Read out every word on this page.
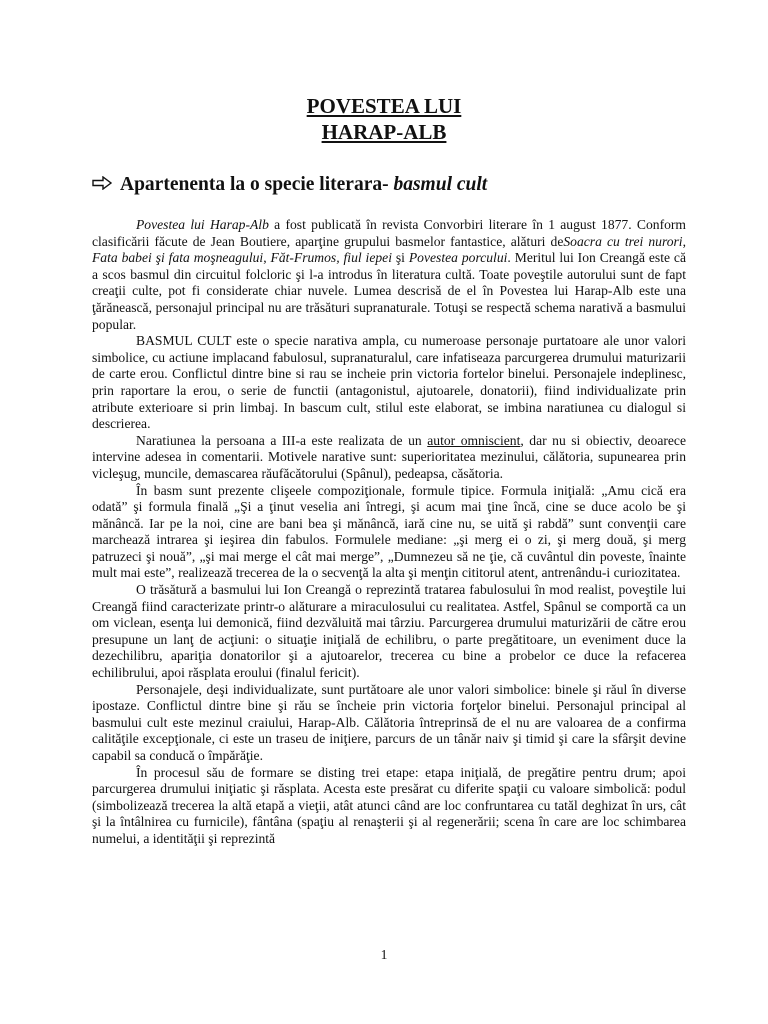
POVESTEA LUI
HARAP-ALB
Apartenenta la o specie literara- basmul cult

Povestea lui Harap-Alb a fost publicată în revista Convorbiri literare în 1 august 1877. Conform clasificării făcute de Jean Boutiere, aparţine grupului basmelor fantastice, alături deSoacra cu trei nurori, Fata babei şi fata moşneagului, Făt-Frumos, fiul iepei şi Povestea porcului. Meritul lui Ion Creangă este că a scos basmul din circuitul folcloric şi l-a introdus în literatura cultă. Toate poveştile autorului sunt de fapt creaţii culte, pot fi considerate chiar nuvele. Lumea descrisă de el în Povestea lui Harap-Alb este una ţărănească, personajul principal nu are trăsături supranaturale. Totuşi se respectă schema narativă a basmului popular.

BASMUL CULT este o specie narativa ampla, cu numeroase personaje purtatoare ale unor valori simbolice, cu actiune implacand fabulosul, supranaturalul, care infatiseaza parcurgerea drumului maturizarii de carte erou. Conflictul dintre bine si rau se incheie prin victoria fortelor binelui. Personajele indeplinesc, prin raportare la erou, o serie de functii (antagonistul, ajutoarele, donatorii), fiind individualizate prin atribute exterioare si prin limbaj. In bascum cult, stilul este elaborat, se imbina naratiunea cu dialogul si descrierea.

Naratiunea la persoana a III-a este realizata de un autor omniscient, dar nu si obiectiv, deoarece intervine adesea in comentarii. Motivele narative sunt: superioritatea mezinului, călătoria, supunearea prin vicleşug, muncile, demascarea răufăcătorului (Spânul), pedeapsa, căsătoria.

În basm sunt prezente clişeele compoziţionale, formule tipice. Formula iniţială: „Amu cică era odată” şi formula finală „Şi a ţinut veselia ani întregi, şi acum mai ţine încă, cine se duce acolo be şi mănâncă. Iar pe la noi, cine are bani bea şi mănâncă, iară cine nu, se uită şi rabdă” sunt convenţii care marchează intrarea şi ieşirea din fabulos. Formulele mediane: „şi merg ei o zi, şi merg două, şi merg patruzeci şi nouă”, „şi mai merge el cât mai merge”, „Dumnezeu să ne ţie, că cuvântul din poveste, înainte mult mai este”, realizează trecerea de la o secvenţă la alta şi menţin cititorul atent, antrenându-i curiozitatea.

O trăsătură a basmului lui Ion Creangă o reprezintă tratarea fabulosului în mod realist, poveştile lui Creangă fiind caracterizate printr-o alăturare a miraculosului cu realitatea. Astfel, Spânul se comportă ca un om viclean, esenţa lui demonică, fiind dezvăluită mai târziu. Parcurgerea drumului maturizării de către erou presupune un lanţ de acţiuni: o situaţie iniţială de echilibru, o parte pregătitoare, un eveniment duce la dezechilibru, apariţia donatorilor şi a ajutoarelor, trecerea cu bine a probelor ce duce la refacerea echilibrului, apoi răsplata eroului (finalul fericit).

Personajele, deşi individualizate, sunt purtătoare ale unor valori simbolice: binele şi răul în diverse ipostaze. Conflictul dintre bine şi rău se încheie prin victoria forţelor binelui. Personajul principal al basmului cult este mezinul craiului, Harap-Alb. Călătoria întreprinsă de el nu are valoarea de a confirma calităţile excepţionale, ci este un traseu de iniţiere, parcurs de un tânăr naiv şi timid şi care la sfârşit devine capabil sa conducă o împărăţie.

În procesul său de formare se disting trei etape: etapa iniţială, de pregătire pentru drum; apoi parcurgerea drumului iniţiatic şi răsplata. Acesta este presărat cu diferite spaţii cu valoare simbolică: podul (simbolizează trecerea la altă etapă a vieţii, atât atunci când are loc confruntarea cu tatăl deghizat în urs, cât şi la întâlnirea cu furnicile), fântâna (spaţiu al renaşterii şi al regenerării; scena în care are loc schimbarea numelui, a identităţii şi reprezintă

1
